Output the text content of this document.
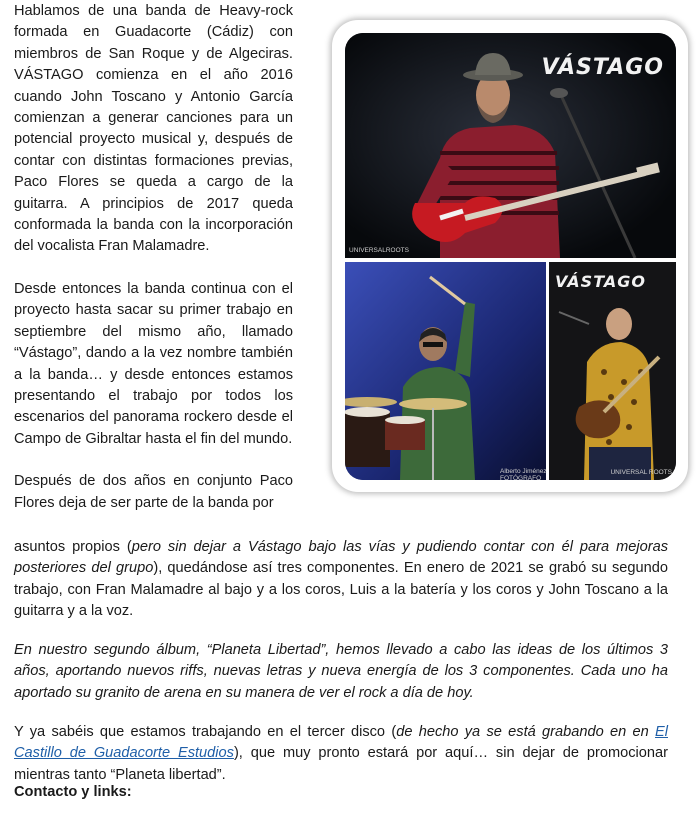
Hablamos de una banda de Heavy-rock formada en Guadacorte (Cádiz) con miembros de San Roque y de Algeciras. VÁSTAGO comienza en el año 2016 cuando John Toscano y Antonio García comienzan a generar canciones para un potencial proyecto musical y, después de contar con distintas formaciones previas, Paco Flores se queda a cargo de la guitarra. A principios de 2017 queda conformada la banda con la incorporación del vocalista Fran Malamadre.

Desde entonces la banda continua con el proyecto hasta sacar su primer trabajo en septiembre del mismo año, llamado “Vástago”, dando a la vez nombre también a la banda… y desde entonces estamos presentando el trabajo por todos los escenarios del panorama rockero desde el Campo de Gibraltar hasta el fin del mundo.

Después de dos años en conjunto Paco Flores deja de ser parte de la banda por

asuntos propios (pero sin dejar a Vástago bajo las vías y pudiendo contar con él para mejoras posteriores del grupo), quedándose así tres componentes. En enero de 2021 se grabó su segundo trabajo, con Fran Malamadre al bajo y a los coros, Luis a la batería y los coros y John Toscano a la guitarra y a la voz.

En nuestro segundo álbum, “Planeta Libertad”, hemos llevado a cabo las ideas de los últimos 3 años, aportando nuevos riffs, nuevas letras y nueva energía de los 3 componentes. Cada uno ha aportado su granito de arena en su manera de ver el rock a día de hoy.

Y ya sabéis que estamos trabajando en el tercer disco (de hecho ya se está grabando en en El Castillo de Guadacorte Estudios), que muy pronto estará por aquí… sin dejar de promocionar mientras tanto “Planeta libertad”.

Contacto y links:

VÁSTAGO
UNIVERSALROOTS
VÁSTAGO
UNIVERSAL ROOTS
Alberto Jiménez FOTÓGRAFO
